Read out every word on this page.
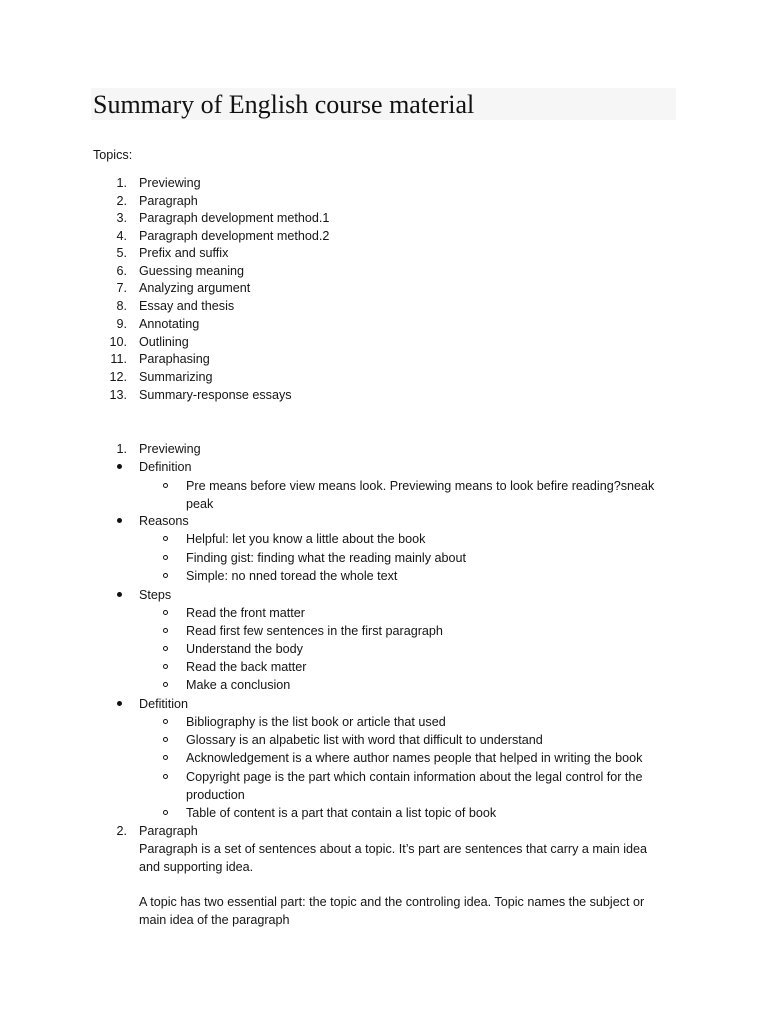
Summary of English course material
Topics:
1. Previewing
2. Paragraph
3. Paragraph development method.1
4. Paragraph development method.2
5. Prefix and suffix
6. Guessing meaning
7. Analyzing argument
8. Essay and thesis
9. Annotating
10. Outlining
11. Paraphasing
12. Summarizing
13. Summary-response essays
1. Previewing
Definition
Pre means before view means look. Previewing means to look befire reading?sneak
peak
Reasons
Helpful: let you know a little about the book
Finding gist: finding what the reading mainly about
Simple: no nned toread the whole text
Steps
Read the front matter
Read first few sentences in the first paragraph
Understand the body
Read the back matter
Make a conclusion
Defitition
Bibliography is the list book or article that used
Glossary is an alpabetic list with word that difficult to understand
Acknowledgement is a where author names people that helped in writing the book
Copyright page is the part which contain information about the legal control for the
production
Table of content is a part that contain a list topic of book
2. Paragraph
Paragraph is a set of sentences about a topic. It’s part are sentences that carry a main idea
and supporting idea.
A topic has two essential part: the topic and the controling idea. Topic names the subject or
main idea of the paragraph
